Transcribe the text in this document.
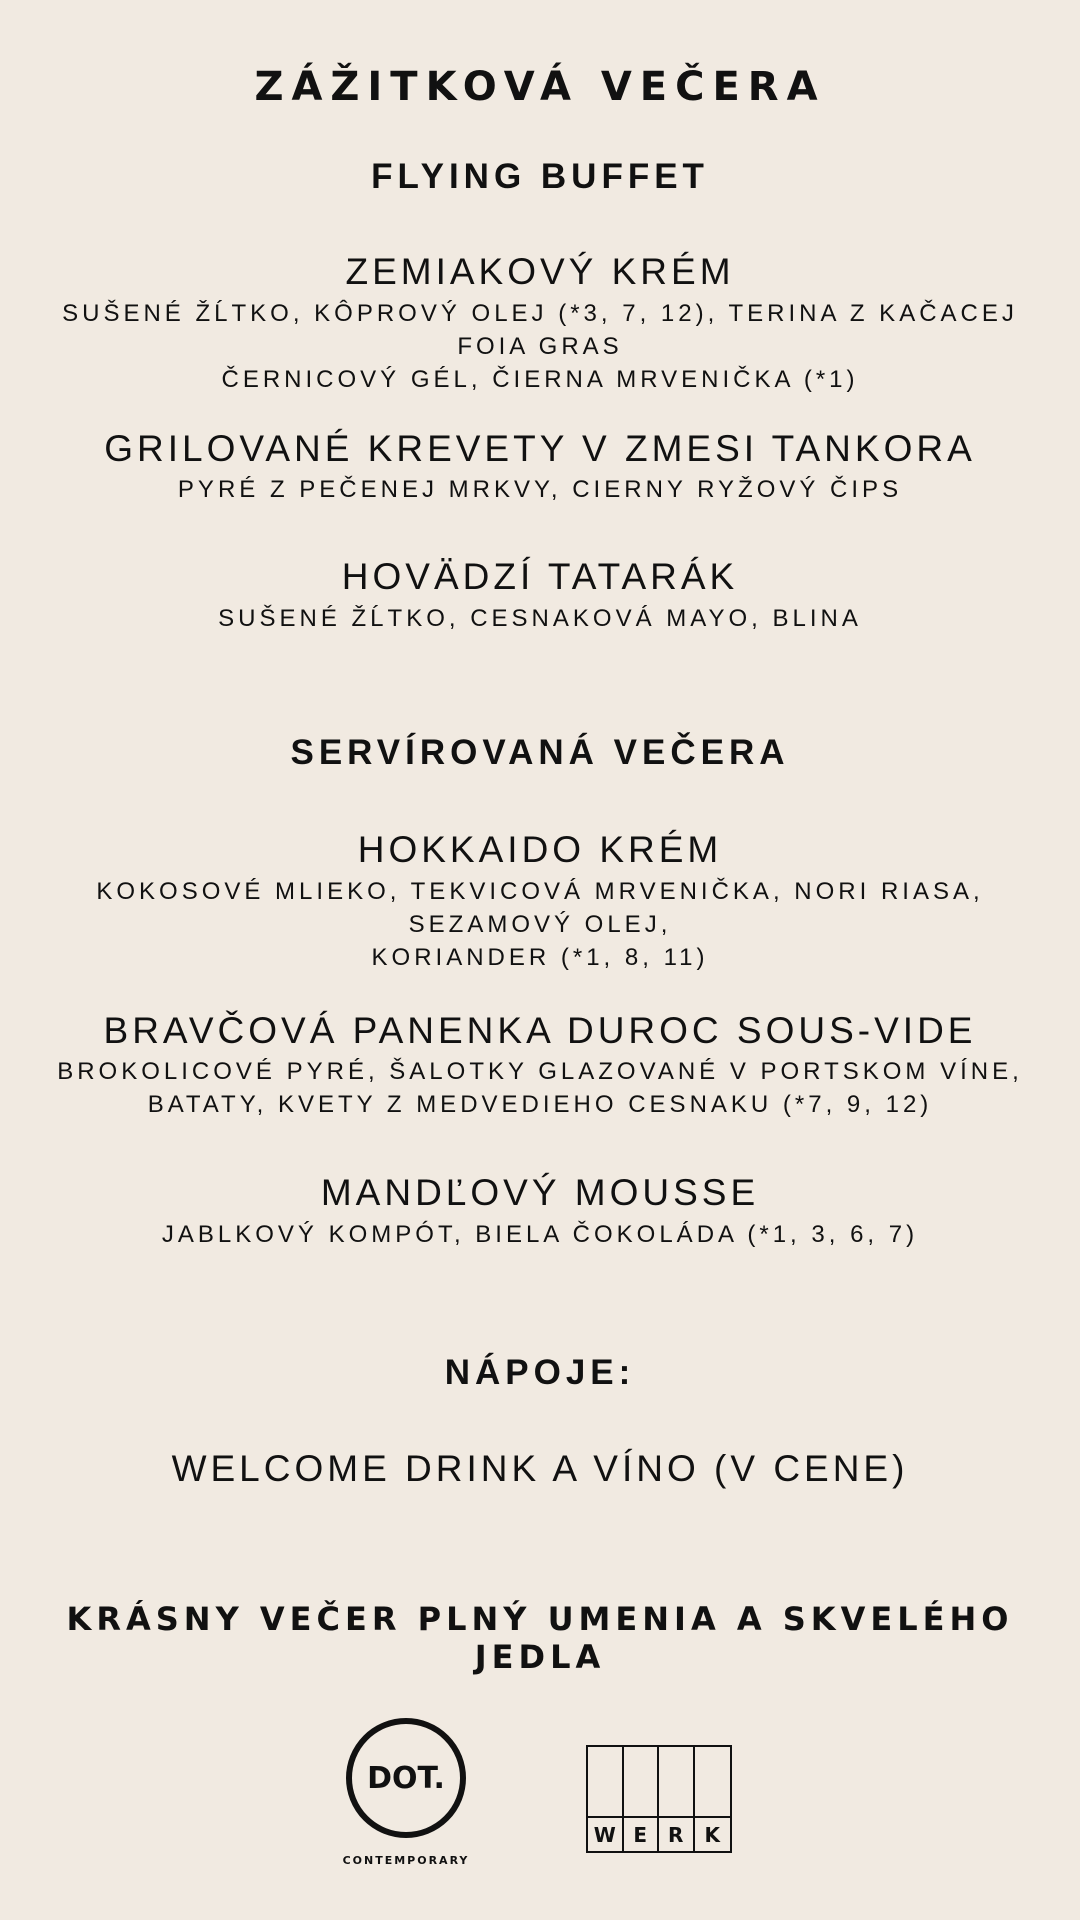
ZÁŽITKOVÁ VEČERA
FLYING BUFFET
ZEMIAKOVÝ KRÉM
SUŠENÉ ŽĹTKO, KÔPROVÝ OLEJ (*3, 7, 12), TERINA Z KAČACEJ
FOIA GRAS
ČERNICOVÝ GÉL, ČIERNA MRVENIČKA (*1)
GRILOVANÉ KREVETY V ZMESI TANKORA
PYRÉ Z PEČENEJ MRKVY, CIERNY RYŽOVÝ ČIPS
HOVÄDZÍ TATARÁK
SUŠENÉ ŽĹTKO, CESNAKOVÁ MAYO, BLINA
SERVÍROVANÁ VEČERA
HOKKAIDO KRÉM
KOKOSOVÉ MLIEKO, TEKVICOVÁ MRVENIČKA, NORI RIASA,
SEZAMOVÝ OLEJ,
KORIANDER (*1, 8, 11)
BRAVČOVÁ PANENKA DUROC SOUS-VIDE
BROKOLICOVÉ PYRÉ, ŠALOTKY GLAZOVANÉ V PORTSKOM VÍNE,
BATATY, KVETY Z MEDVEDIEHO CESNAKU (*7, 9, 12)
MANDĽOVÝ MOUSSE
JABLKOVÝ KOMPÓT, BIELA ČOKOLÁDA (*1, 3, 6, 7)
NÁPOJE:
WELCOME DRINK A VÍNO (V CENE)
KRÁSNY VEČER PLNÝ UMENIA A SKVELÉHO JEDLA
DOT.
CONTEMPORARY
W E	R	K
